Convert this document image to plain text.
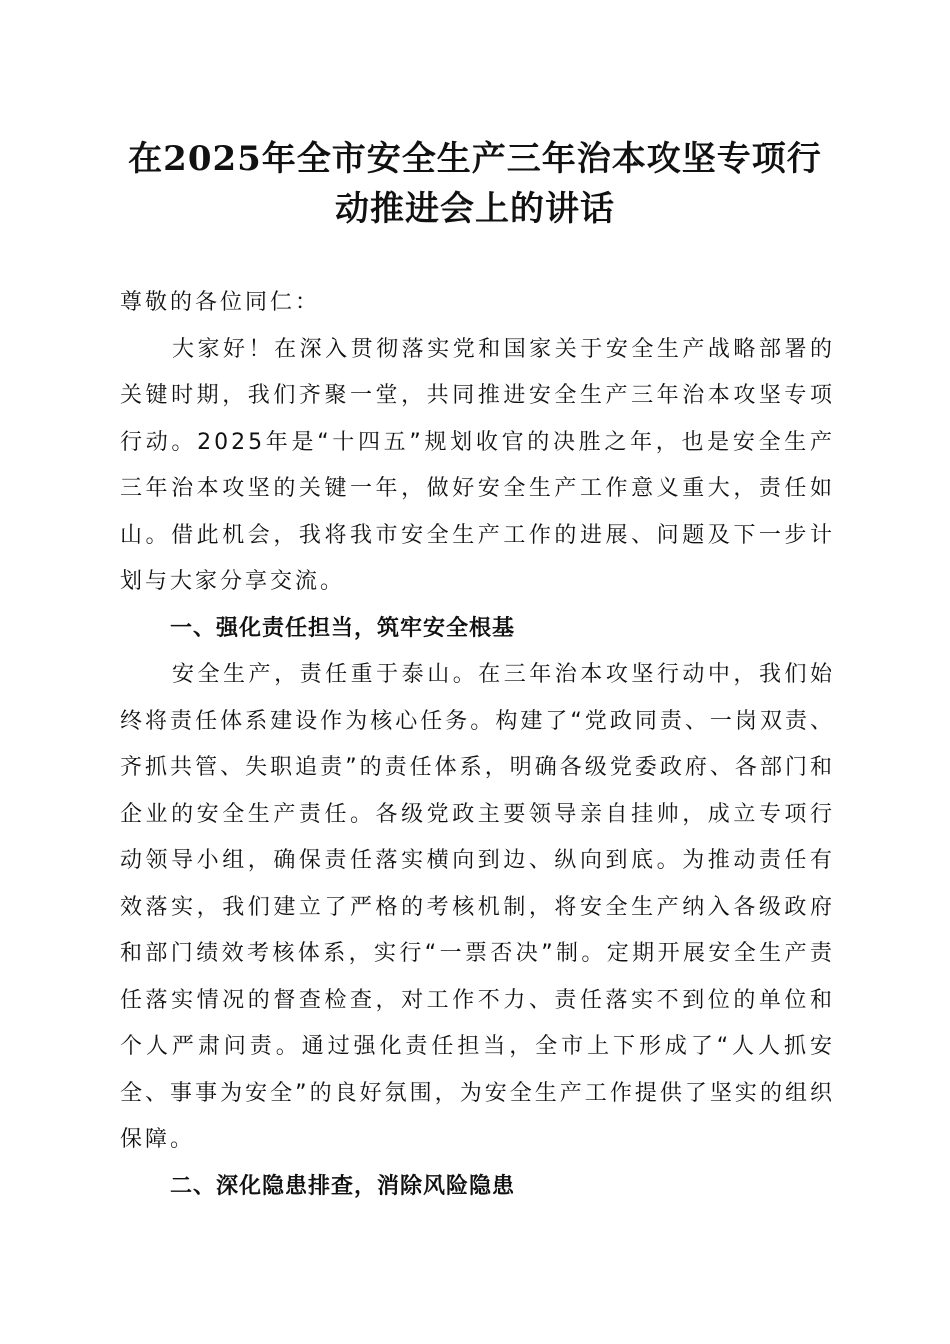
在2025年全市安全生产三年治本攻坚专项行
动推进会上的讲话

尊敬的各位同仁：

大家好！在深入贯彻落实党和国家关于安全生产战略部署的关键时期，我们齐聚一堂，共同推进安全生产三年治本攻坚专项行动。2025年是“十四五”规划收官的决胜之年，也是安全生产三年治本攻坚的关键一年，做好安全生产工作意义重大，责任如山。借此机会，我将我市安全生产工作的进展、问题及下一步计划与大家分享交流。

一、强化责任担当，筑牢安全根基

安全生产，责任重于泰山。在三年治本攻坚行动中，我们始终将责任体系建设作为核心任务。构建了“党政同责、一岗双责、齐抓共管、失职追责”的责任体系，明确各级党委政府、各部门和企业的安全生产责任。各级党政主要领导亲自挂帅，成立专项行动领导小组，确保责任落实横向到边、纵向到底。为推动责任有效落实，我们建立了严格的考核机制，将安全生产纳入各级政府和部门绩效考核体系，实行“一票否决”制。定期开展安全生产责任落实情况的督查检查，对工作不力、责任落实不到位的单位和个人严肃问责。通过强化责任担当，全市上下形成了“人人抓安全、事事为安全”的良好氛围，为安全生产工作提供了坚实的组织保障。

二、深化隐患排查，消除风险隐患
